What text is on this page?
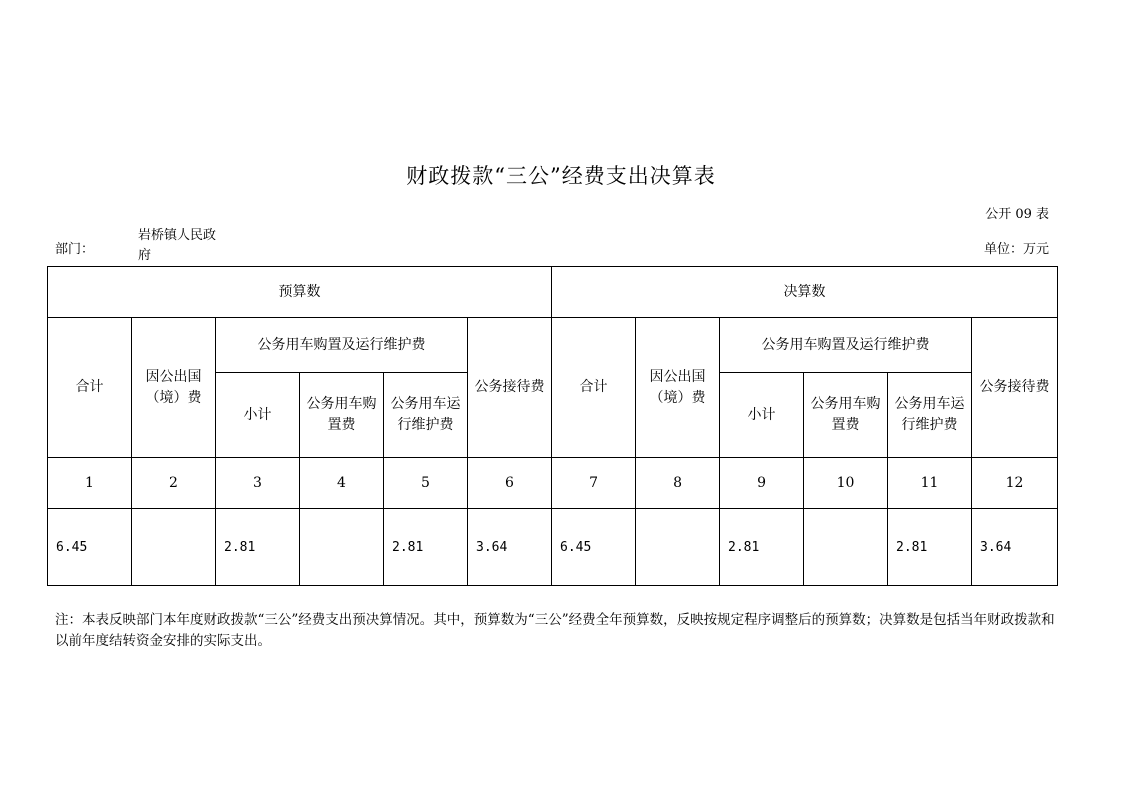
财政拨款“三公”经费支出决算表
公开 09 表
部门：
岩桥镇人民政府	单位：万元
预算数						决算数					
合计	因公出国（境）费	公务用车购置及运行维护费			公务接待费	合计	因公出国（境）费	公务用车购置及运行维护费			公务接待费
		小计	公务用车购置费	公务用车运行维护费				小计	公务用车购置费	公务用车运行维护费	
1	2	3	4	5	6	7	8	9	10	11	12
6.45		2.81		2.81	3.64	6.45		2.81		2.81	3.64
注：本表反映部门本年度财政拨款“三公”经费支出预决算情况。其中，预算数为“三公”经费全年预算数，反映按规定程序调整后的预算数；决算数是包括当年财政拨款和以前年度结转资金安排的实际支出。
